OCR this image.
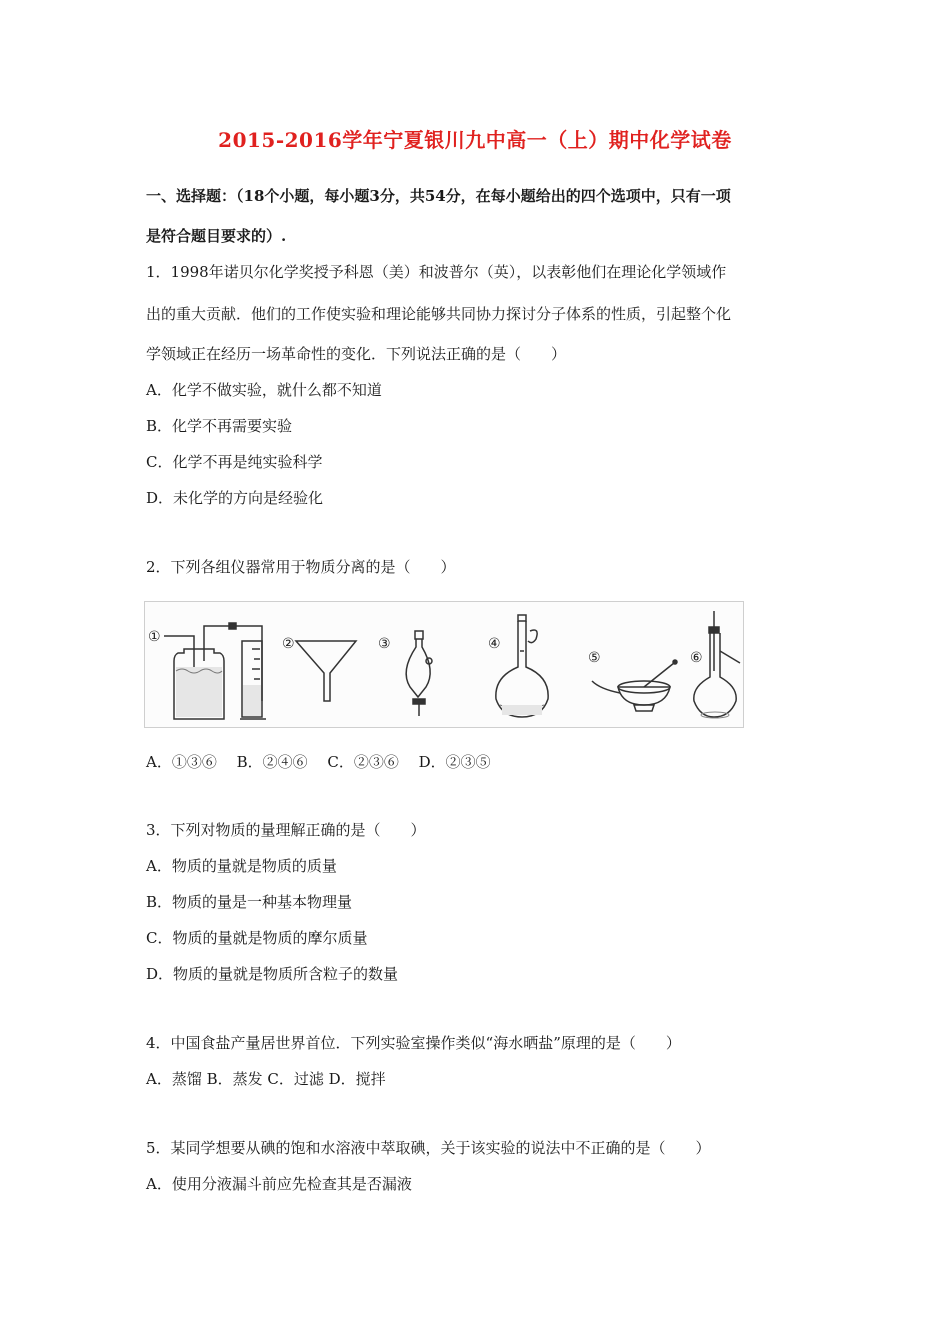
2015-2016学年宁夏银川九中高一（上）期中化学试卷
一、选择题：（18个小题，每小题3分，共54分，在每小题给出的四个选项中，只有一项
是符合题目要求的）.
1．1998年诺贝尔化学奖授予科恩（美）和波普尔（英），以表彰他们在理论化学领域作
出的重大贡献．他们的工作使实验和理论能够共同协力探讨分子体系的性质，引起整个化
学领域正在经历一场革命性的变化．下列说法正确的是（　　）
A．化学不做实验，就什么都不知道
B．化学不再需要实验
C．化学不再是纯实验科学
D．未化学的方向是经验化
2．下列各组仪器常用于物质分离的是（　　）
①	②	③	④
⑤	⑥
A．①③⑥　 B．②④⑥　 C．②③⑥　 D．②③⑤
3．下列对物质的量理解正确的是（　　）
A．物质的量就是物质的质量
B．物质的量是一种基本物理量
C．物质的量就是物质的摩尔质量
D．物质的量就是物质所含粒子的数量
4．中国食盐产量居世界首位．下列实验室操作类似“海水晒盐”原理的是（　　）
A．蒸馏 B．蒸发 C．过滤 D．搅拌
5．某同学想要从碘的饱和水溶液中萃取碘，关于该实验的说法中不正确的是（　　）
A．使用分液漏斗前应先检查其是否漏液
